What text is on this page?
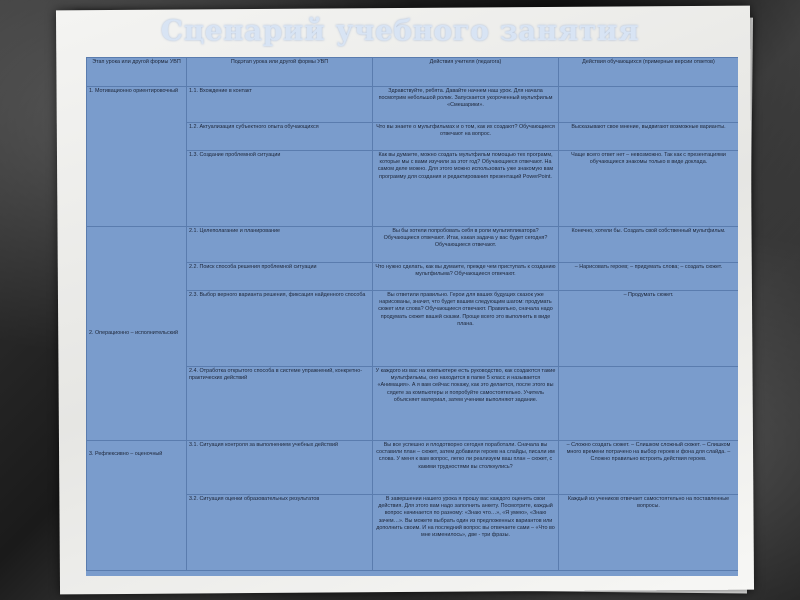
Сценарий учебного занятия
Этап урока или другой формы УВП	Подэтап урока или другой формы УВП	Действия учителя (педагога)	Действия обучающихся (примерные версии ответов)
1. Мотивационно ориентировочный	1.1. Вхождение в контакт	Здравствуйте, ребята. Давайте начнем наш урок. Для начала посмотрим небольшой ролик. Запускается укороченный мультфильм «Смешарики».	
	1.2. Актуализация субъектного опыта обучающихся	Что вы знаете о мультфильмах и о том, как их создают? Обучающиеся отвечают на вопрос.	Высказывают свое мнение, выдвигают возможные варианты.
	1.3. Создание проблемной ситуации	Как вы думаете, можно создать мультфильм помощью тех программ, которые мы с вами изучили за этот год? Обучающиеся отвечают. На самом деле можно. Для этого можно использовать уже знакомую вам программу для создания и редактирования презентаций PowerPoint.	Чаще всего ответ нет – невозможно. Так как с презентациями обучающиеся знакомы только в виде доклада.
2. Операционно – исполнительский	2.1. Целеполагание и планирование	Вы бы хотели попробовать себя в роли мультипликатора? Обучающиеся отвечают. Итак, какая задача у вас будет сегодня? Обучающиеся отвечают.	Конечно, хотели бы. Создать свой собственный мультфильм.
	2.2. Поиск способа решения проблемной ситуации	Что нужно сделать, как вы думаете, прежде чем приступать к созданию мультфильма? Обучающиеся отвечают.	– Нарисовать героев; – придумать слова; – создать сюжет.
	2.3. Выбор верного варианта решения, фиксация найденного способа	Вы ответили правильно. Герои для ваших будущих сказок уже нарисованы, значит, что будет вашим следующим шагом: продумать сюжет или слова? Обучающиеся отвечают. Правильно, сначала надо продумать сюжет вашей сказки. Проще всего это выполнить в виде плана.	– Продумать сюжет.
	2.4. Отработка открытого способа в системе упражнений, конкретно-практических действий	У каждого из вас на компьютере есть руководство, как создаются такие мультфильмы, оно находится в папке 5 класс и называется «Анимация». А я вам сейчас покажу, как это делается, после этого вы сядете за компьютеры и попробуйте самостоятельно. Учитель объясняет материал, затем ученики выполняют задание.	
3. Рефлексивно – оценочный	3.1. Ситуация контроля за выполнением учебных действий	Вы все успешно и плодотворно сегодня поработали. Сначала вы составили план – сюжет, затем добавили героев на слайды, писали им слова. У меня к вам вопрос, легко ли реализуем ваш план – сюжет, с какими трудностями вы столкнулись?	– Сложно создать сюжет. – Слишком сложный сюжет. – Слишком много времени потрачено на выбор героев и фона для слайда. – Сложно правильно встроить действия героев.
	3.2. Ситуация оценки образовательных результатов	В завершении нашего урока я прошу вас каждого оценить свои действия. Для этого вам надо заполнить анкету. Посмотрите, каждый вопрос начинается по разному: «Знаю что…», «Я умею», «Знаю зачем…». Вы можете выбрать один из предложенных вариантов или дополнить своим. И на последний вопрос вы отвечаете сами – «Что во мне изменилось», две - три фразы.	Каждый из учеников отвечает самостоятельно на поставленные вопросы.
